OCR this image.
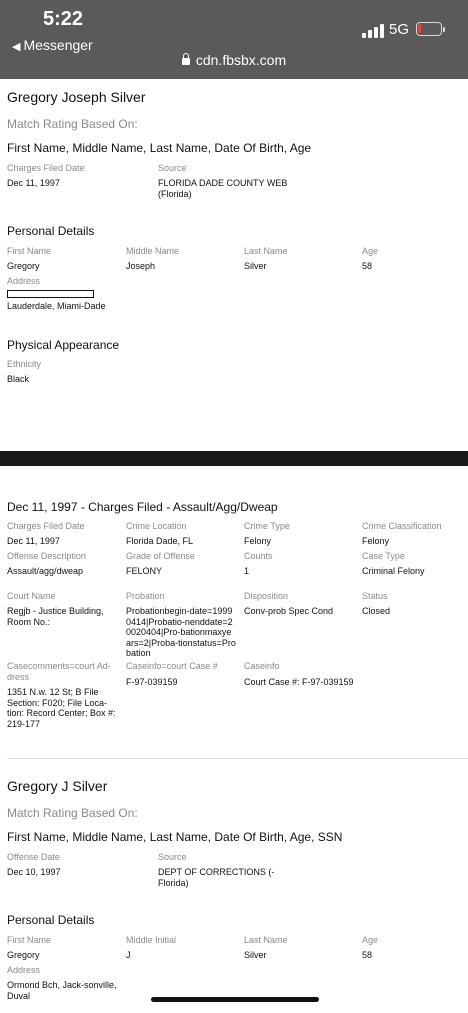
5:22
◀ Messenger
5G
cdn.fbsbx.com
Gregory Joseph Silver
Match Rating Based On:
First Name, Middle Name, Last Name, Date Of Birth, Age
Charges Filed Date
Dec 11, 1997
Source
FLORIDA DADE COUNTY WEB (Florida)
Personal Details
First Name
Gregory
Middle Name
Joseph
Last Name
Silver
Age
58
Address
Lauderdale, Miami-Dade
Physical Appearance
Ethnicity
Black
Dec 11, 1997 - Charges Filed - Assault/Agg/Dweap
Charges Filed Date
Dec 11, 1997
Crime Location
Florida Dade, FL
Crime Type
Felony
Crime Classification
Felony
Offense Description
Assault/agg/dweap
Grade of Offense
FELONY
Counts
1
Case Type
Criminal Felony
Court Name
Regjb - Justice Building, Room No.:
Probation
Probationbegin-date=19990414|Probatio-nenddate=20020404|Pro-bationmaxyears=2|Proba-tionstatus=Probation
Disposition
Conv-prob Spec Cond
Status
Closed
Casecomments=court Ad-dress
1351 N.w. 12 St; B File Section: F020; File Loca-tion: Record Center; Box #: 219-177
Caseinfo=court Case #
F-97-039159
Caseinfo
Court Case #: F-97-039159
Gregory J Silver
Match Rating Based On:
First Name, Middle Name, Last Name, Date Of Birth, Age, SSN
Offense Date
Dec 10, 1997
Source
DEPT OF CORRECTIONS (-Florida)
Personal Details
First Name
Gregory
Middle Initial
J
Last Name
Silver
Age
58
Address
Ormond Bch, Jack-sonville, Duval
